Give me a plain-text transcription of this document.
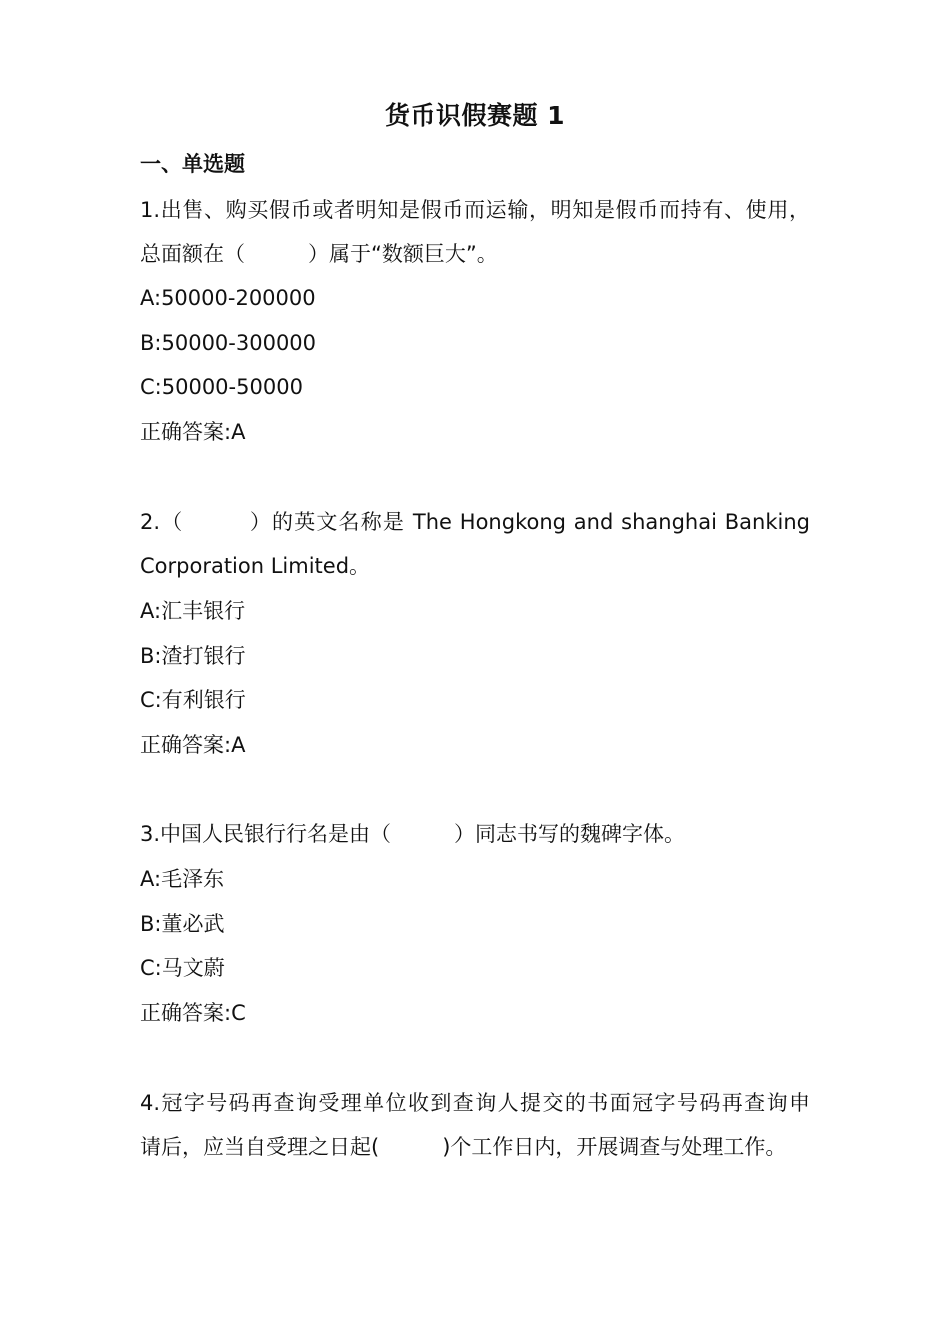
货币识假赛题 1
一、单选题
1.出售、购买假币或者明知是假币而运输，明知是假币而持有、使用，
总面额在（　　　）属于“数额巨大”。
A:50000-200000
B:50000-300000
C:50000-50000
正确答案:A
2.（　　　）的英文名称是 The Hongkong and shanghai Banking
Corporation Limited。
A:汇丰银行
B:渣打银行
C:有利银行
正确答案:A
3.中国人民银行行名是由（　　　）同志书写的魏碑字体。
A:毛泽东
B:董必武
C:马文蔚
正确答案:C
4.冠字号码再查询受理单位收到查询人提交的书面冠字号码再查询申
请后，应当自受理之日起(　　　)个工作日内，开展调查与处理工作。
